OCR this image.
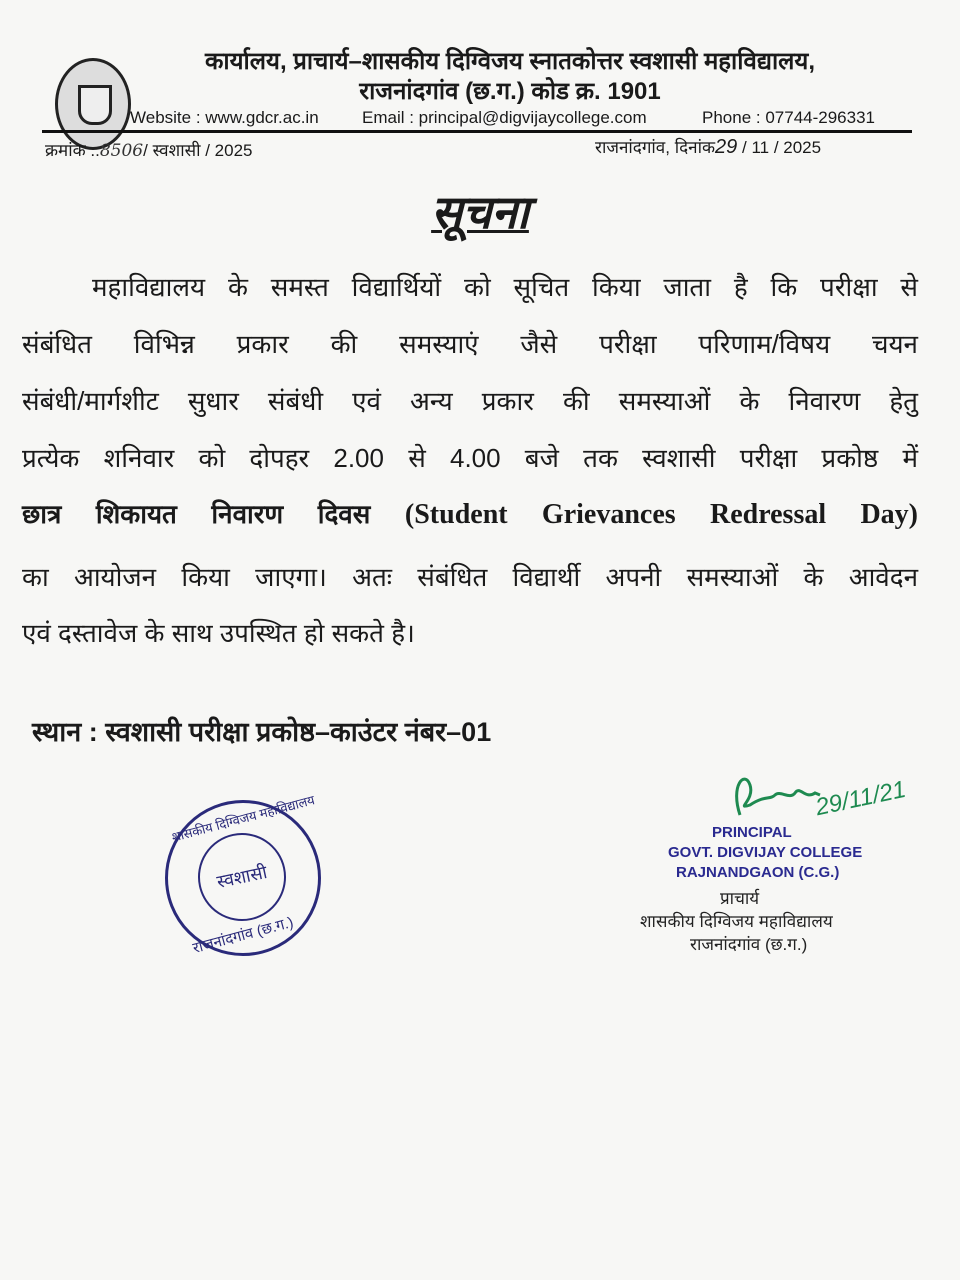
कार्यालय, प्राचार्य–शासकीय दिग्विजय स्नातकोत्तर स्वशासी महाविद्यालय,
राजनांदगांव (छ.ग.) कोड क्र. 1901
Website : www.gdcr.ac.in	Email : principal@digvijaycollege.com	Phone : 07744-296331
क्रमांक ..8506/ स्वशासी / 2025	राजनांदगांव, दिनांक29 / 11 / 2025
सूचना
महाविद्यालय के समस्त विद्यार्थियों को सूचित किया जाता है कि परीक्षा से
संबंधित विभिन्न प्रकार की समस्याएं जैसे परीक्षा परिणाम/विषय चयन
संबंधी/मार्गशीट सुधार संबंधी एवं अन्य प्रकार की समस्याओं के निवारण हेतु
प्रत्येक शनिवार को दोपहर 2.00 से 4.00 बजे तक स्वशासी परीक्षा प्रकोष्ठ में
छात्र शिकायत निवारण दिवस (Student Grievances Redressal Day)
का आयोजन किया जाएगा। अतः संबंधित विद्यार्थी अपनी समस्याओं के आवेदन
एवं दस्तावेज के साथ उपस्थित हो सकते है।
स्थान : स्वशासी परीक्षा प्रकोष्ठ–काउंटर नंबर–01
शासकीय दिग्विजय महाविद्यालय
स्वशासी
राजनांदगांव (छ.ग.)
29/11/21
PRINCIPAL
GOVT. DIGVIJAY COLLEGE
RAJNANDGAON (C.G.)
प्राचार्य
शासकीय दिग्विजय महाविद्यालय
राजनांदगांव (छ.ग.)
